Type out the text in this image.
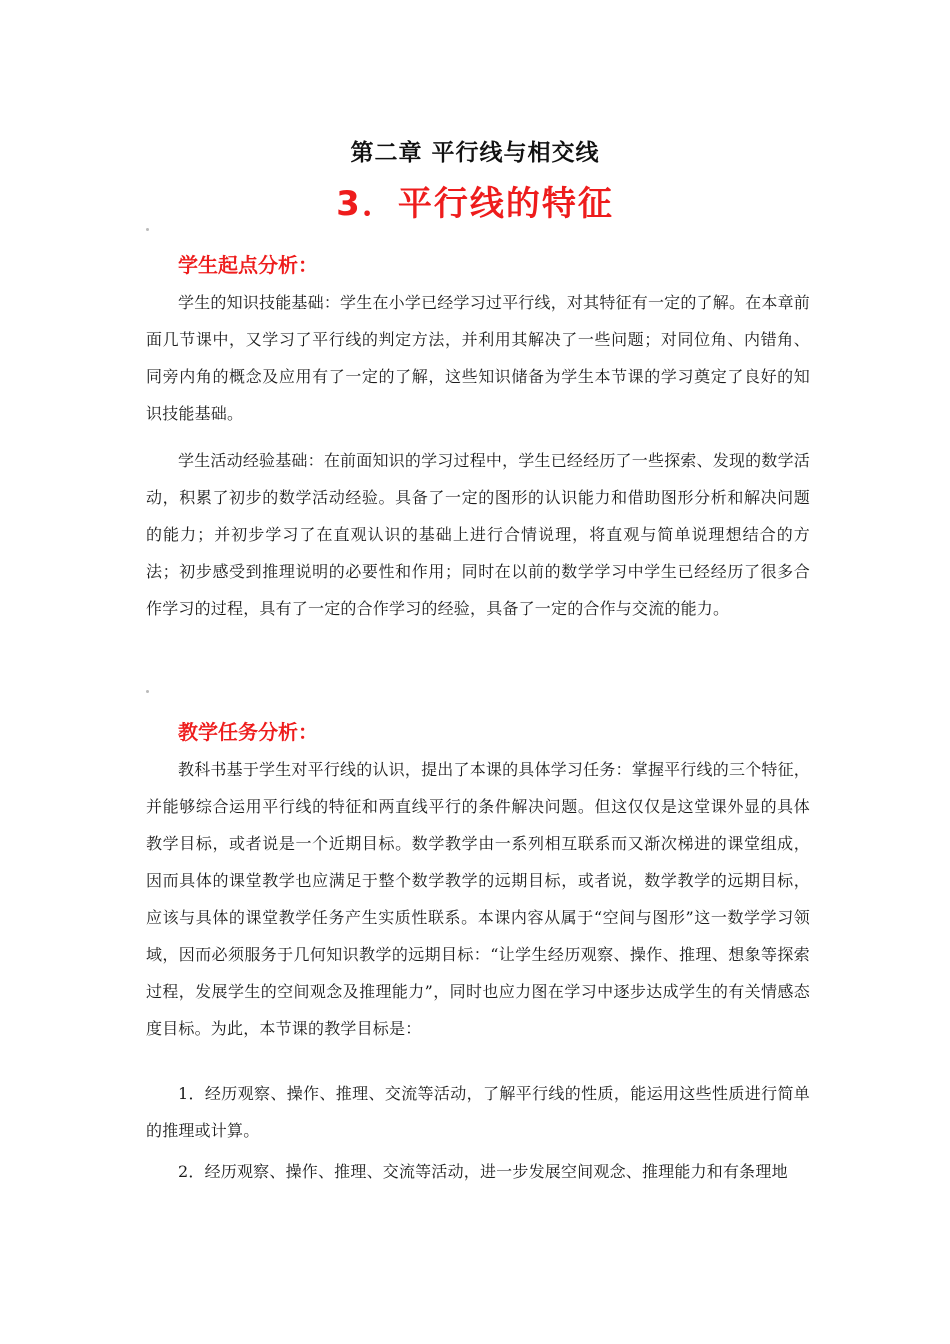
第二章 平行线与相交线
3．平行线的特征
学生起点分析：

学生的知识技能基础：学生在小学已经学习过平行线，对其特征有一定的了解。在本章前面几节课中，又学习了平行线的判定方法，并利用其解决了一些问题；对同位角、内错角、同旁内角的概念及应用有了一定的了解，这些知识储备为学生本节课的学习奠定了良好的知识技能基础。

学生活动经验基础：在前面知识的学习过程中，学生已经经历了一些探索、发现的数学活动，积累了初步的数学活动经验。具备了一定的图形的认识能力和借助图形分析和解决问题的能力；并初步学习了在直观认识的基础上进行合情说理，将直观与简单说理想结合的方法；初步感受到推理说明的必要性和作用；同时在以前的数学学习中学生已经经历了很多合作学习的过程，具有了一定的合作学习的经验，具备了一定的合作与交流的能力。

教学任务分析：

教科书基于学生对平行线的认识，提出了本课的具体学习任务：掌握平行线的三个特征，并能够综合运用平行线的特征和两直线平行的条件解决问题。但这仅仅是这堂课外显的具体教学目标，或者说是一个近期目标。数学教学由一系列相互联系而又渐次梯进的课堂组成，因而具体的课堂教学也应满足于整个数学教学的远期目标，或者说，数学教学的远期目标，应该与具体的课堂教学任务产生实质性联系。本课内容从属于“空间与图形”这一数学学习领域，因而必须服务于几何知识教学的远期目标：“让学生经历观察、操作、推理、想象等探索过程，发展学生的空间观念及推理能力”，同时也应力图在学习中逐步达成学生的有关情感态度目标。为此，本节课的教学目标是：

1．经历观察、操作、推理、交流等活动，了解平行线的性质，能运用这些性质进行简单的推理或计算。

2．经历观察、操作、推理、交流等活动，进一步发展空间观念、推理能力和有条理地
